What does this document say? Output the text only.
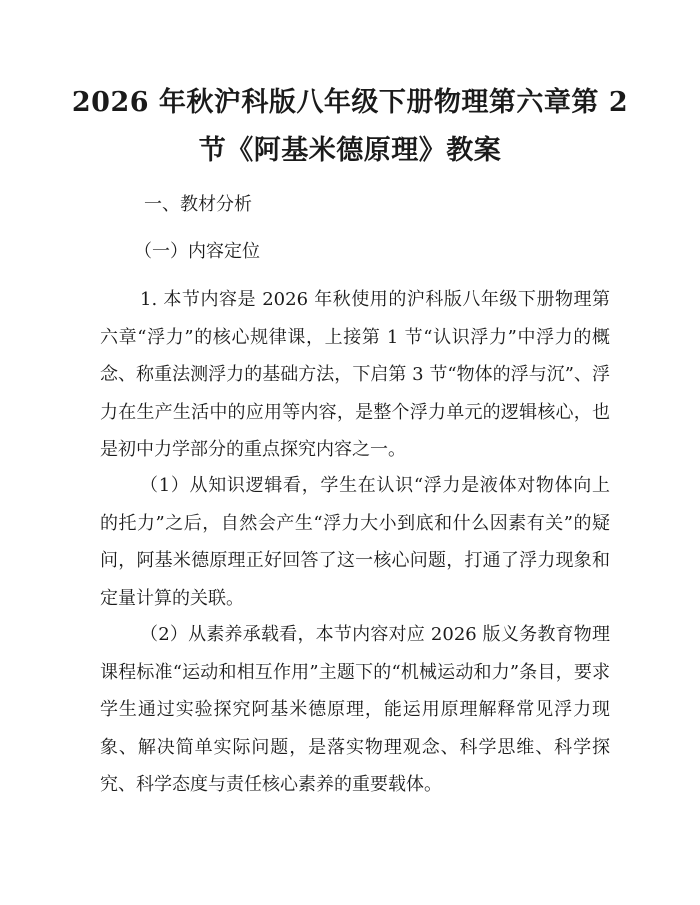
2026 年秋沪科版八年级下册物理第六章第 2
节《阿基米德原理》教案
一、教材分析
（一）内容定位

1. 本节内容是 2026 年秋使用的沪科版八年级下册物理第六章“浮力”的核心规律课，上接第 1 节“认识浮力”中浮力的概念、称重法测浮力的基础方法，下启第 3 节“物体的浮与沉”、浮力在生产生活中的应用等内容，是整个浮力单元的逻辑核心，也是初中力学部分的重点探究内容之一。

（1）从知识逻辑看，学生在认识“浮力是液体对物体向上的托力”之后，自然会产生“浮力大小到底和什么因素有关”的疑问，阿基米德原理正好回答了这一核心问题，打通了浮力现象和定量计算的关联。

（2）从素养承载看，本节内容对应 2026 版义务教育物理课程标准“运动和相互作用”主题下的“机械运动和力”条目，要求学生通过实验探究阿基米德原理，能运用原理解释常见浮力现象、解决简单实际问题，是落实物理观念、科学思维、科学探究、科学态度与责任核心素养的重要载体。
